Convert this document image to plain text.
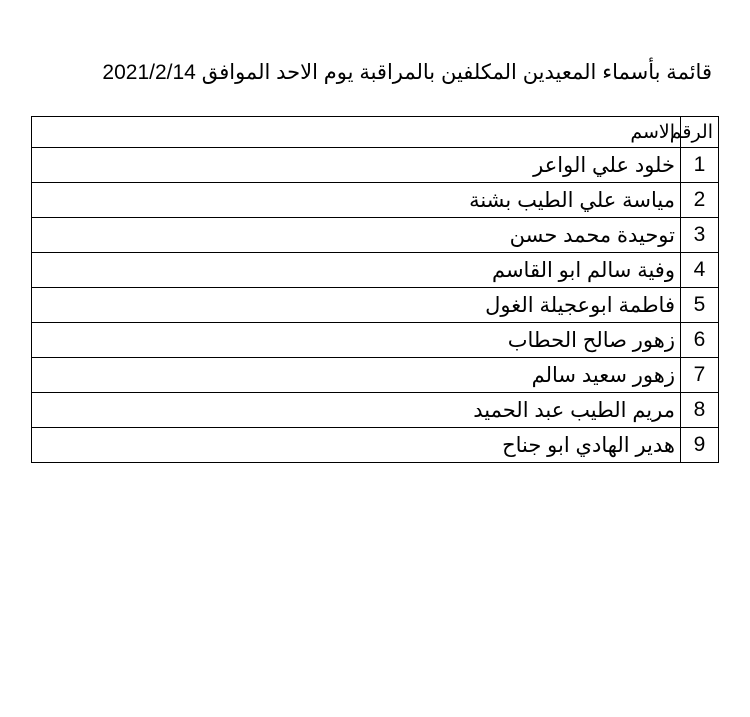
قائمة بأسماء المعيدين المكلفين بالمراقبة يوم الاحد الموافق 2021/2/14
الرقم	الاسم
1	خلود علي الواعر
2	مياسة علي الطيب بشنة
3	توحيدة محمد حسن
4	وفية سالم ابو القاسم
5	فاطمة ابوعجيلة الغول
6	زهور صالح الحطاب
7	زهور سعيد سالم
8	مريم الطيب عبد الحميد
9	هدير الهادي ابو جناح
